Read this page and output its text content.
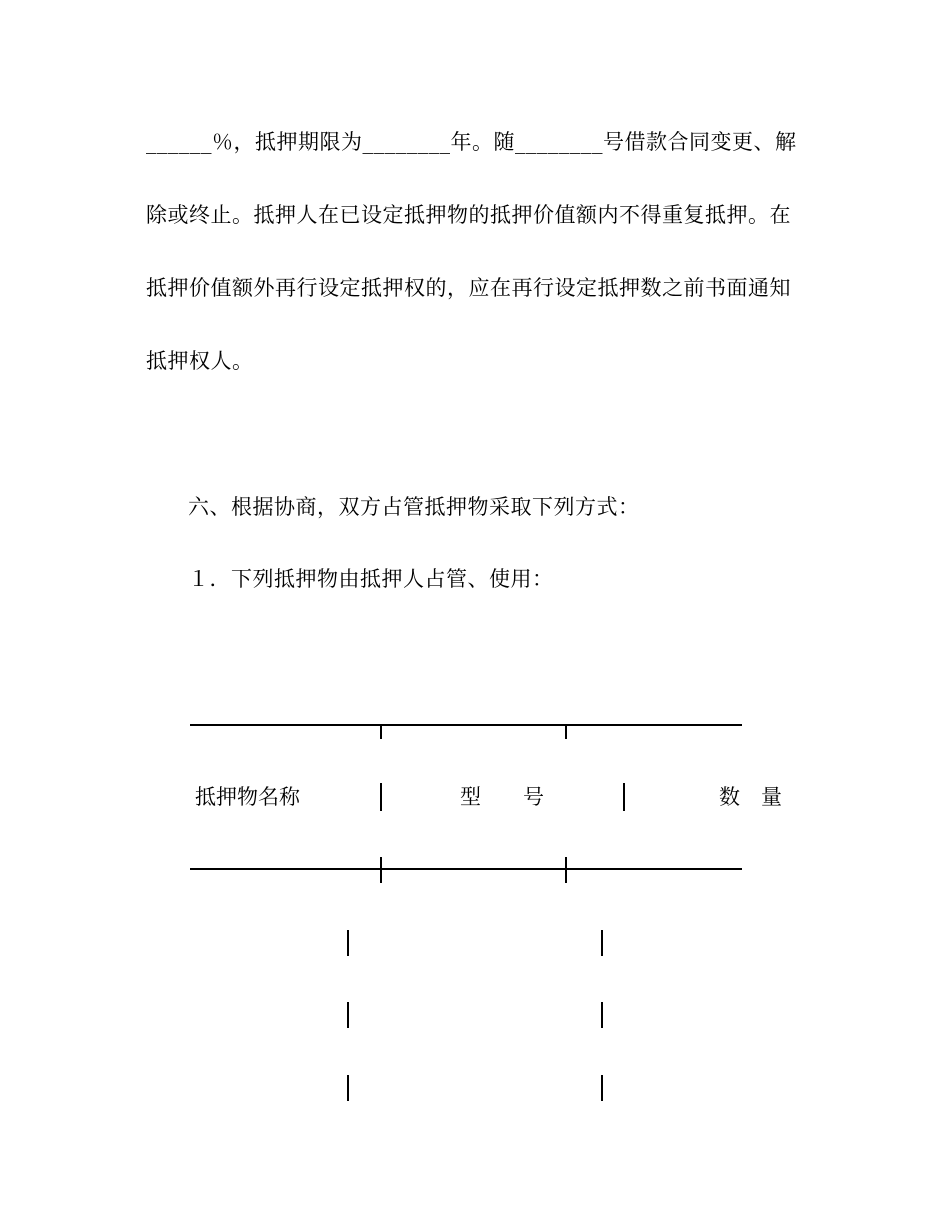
______％，抵押期限为________年。随________号借款合同变更、解
除或终止。抵押人在已设定抵押物的抵押价值额内不得重复抵押。在
抵押价值额外再行设定抵押权的，应在再行设定抵押数之前书面通知
抵押权人。
六、根据协商，双方占管抵押物采取下列方式：
１．下列抵押物由抵押人占管、使用：
抵押物名称	型　　号	数　量
